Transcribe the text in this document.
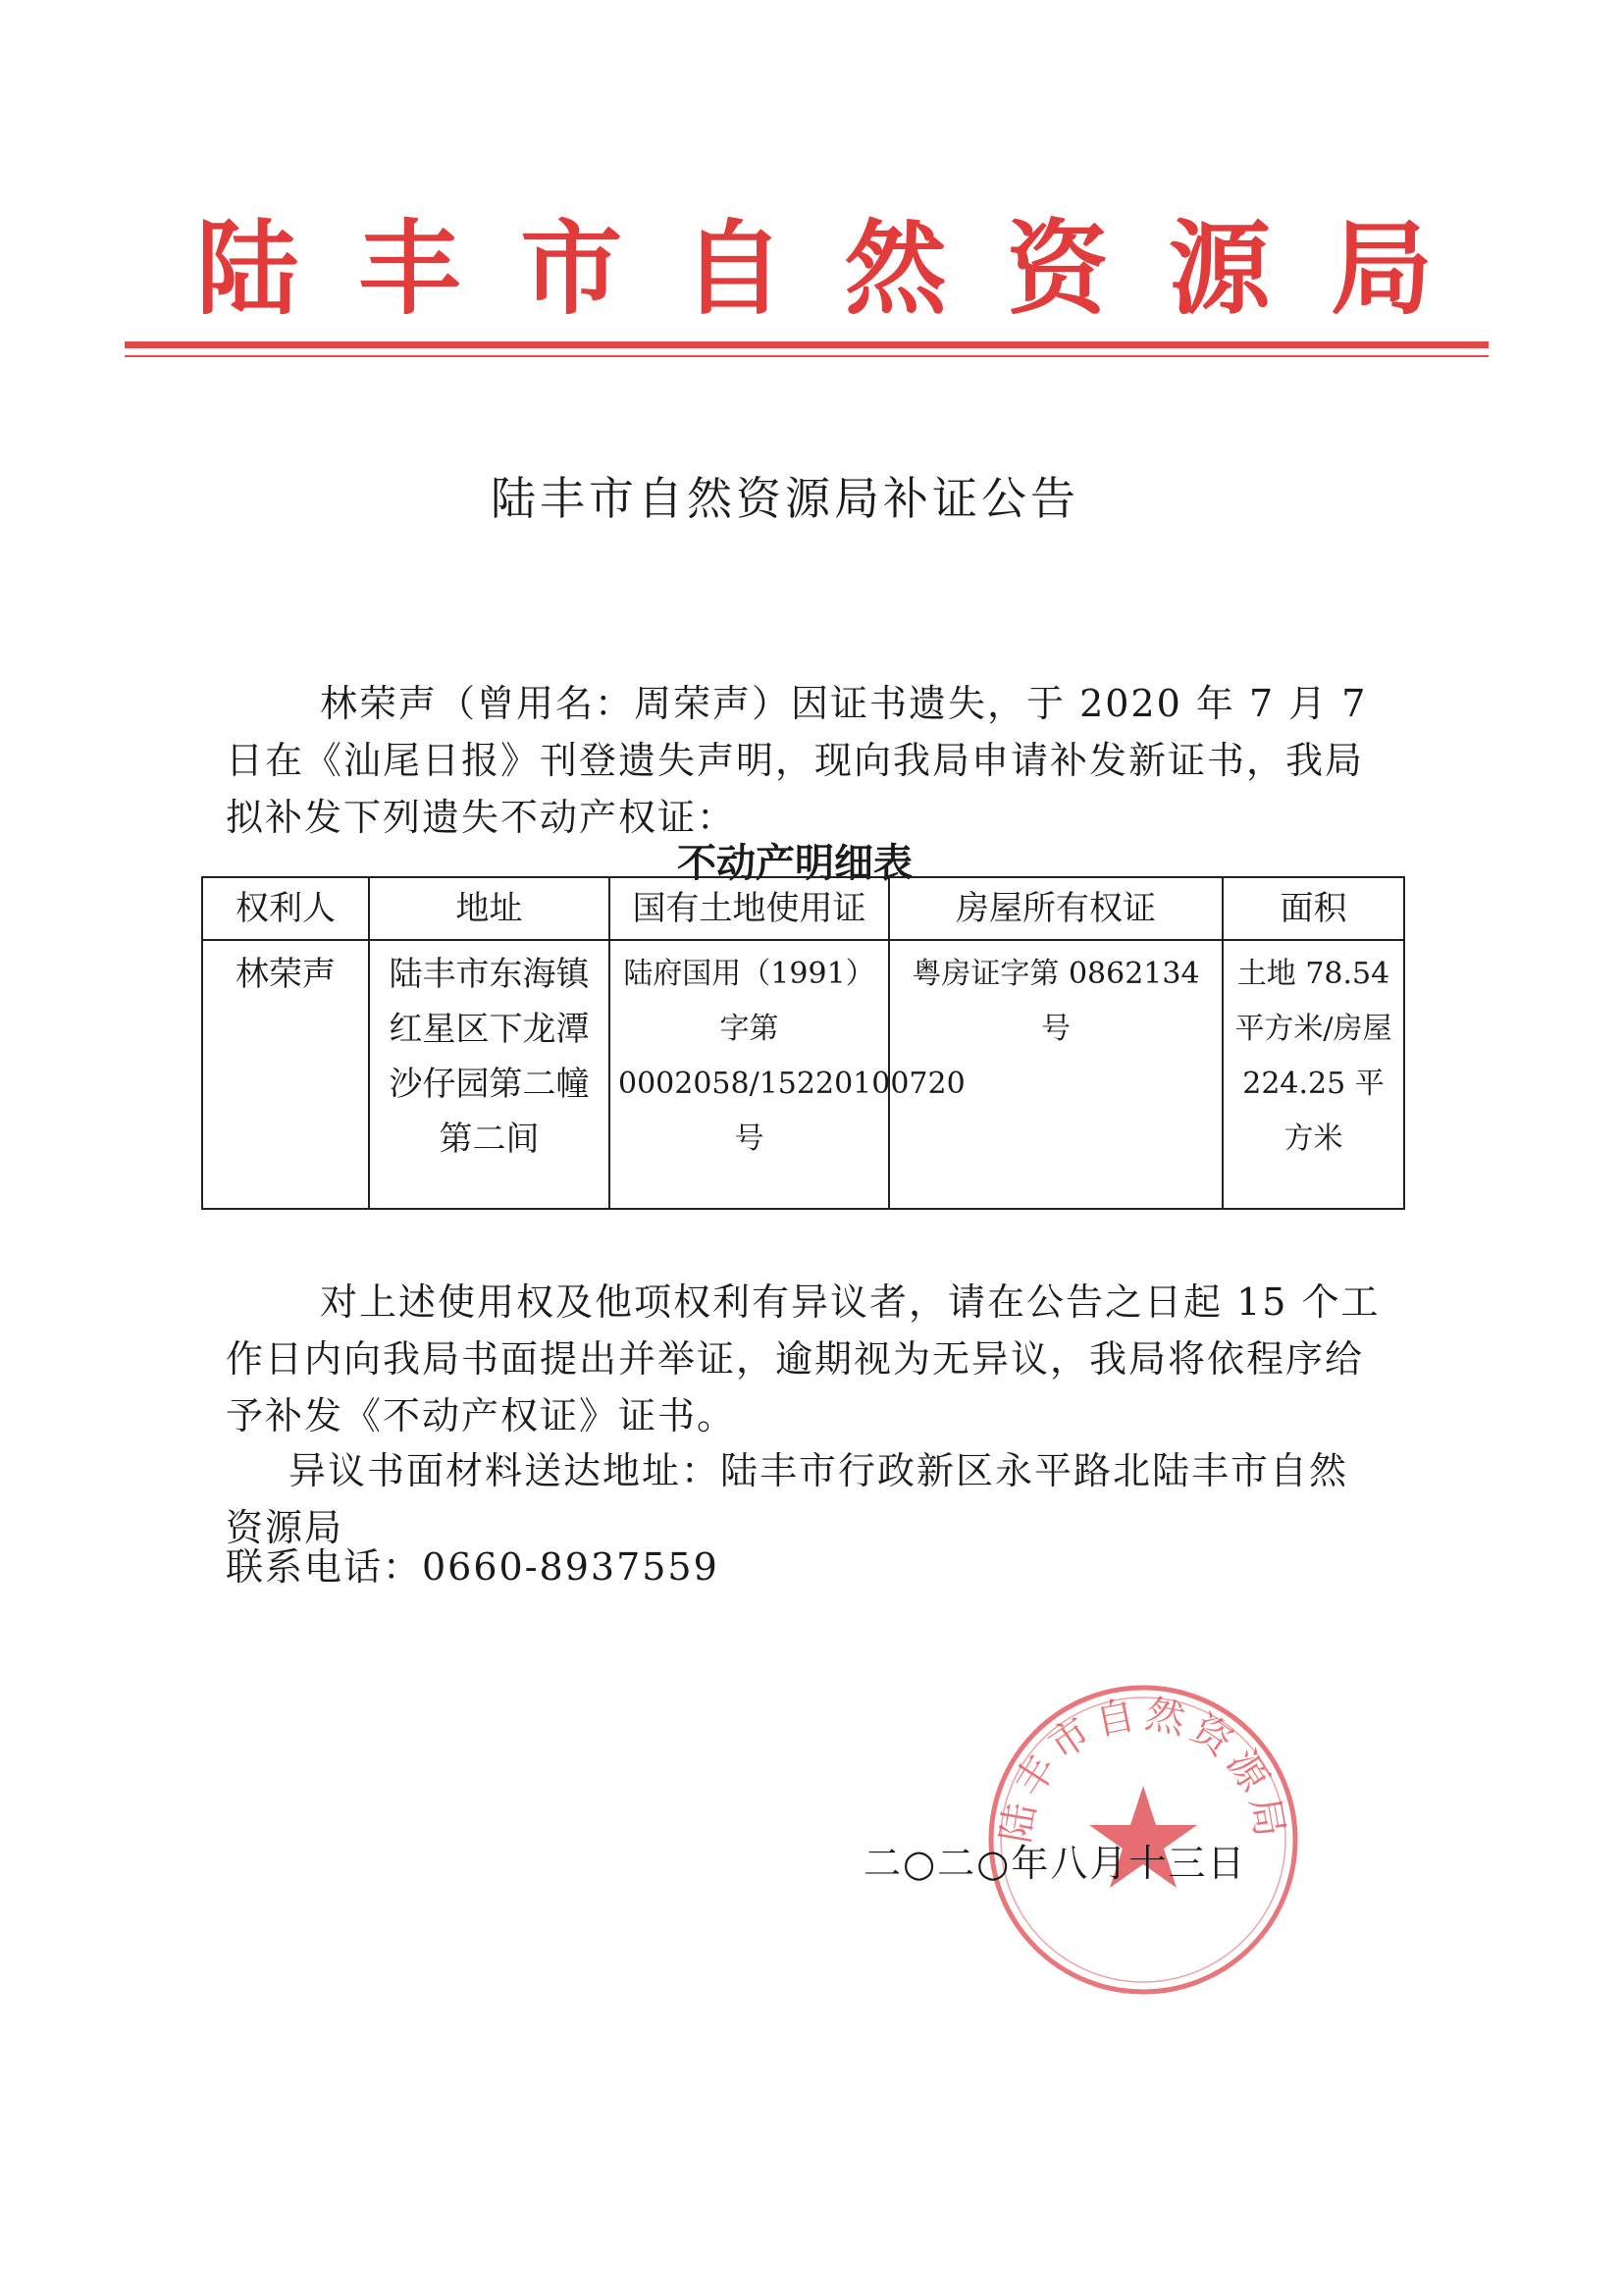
陆 丰 市 自 然 资 源 局
陆丰市自然资源局补证公告
林荣声（曾用名：周荣声）因证书遗失，于 2020 年 7 月 7 日在《汕尾日报》刊登遗失声明，现向我局申请补发新证书，我局拟补发下列遗失不动产权证：
不动产明细表
权利人	地址	国有土地使用证	房屋所有权证	面积
林荣声	陆丰市东海镇红星区下龙潭沙仔园第二幢第二间	陆府国用（1991）字第 0002058/15220100720 号	粤房证字第 0862134 号	土地 78.54 平方米/房屋 224.25 平方米
对上述使用权及他项权利有异议者，请在公告之日起 15 个工作日内向我局书面提出并举证，逾期视为无异议，我局将依程序给予补发《不动产权证》证书。
异议书面材料送达地址：陆丰市行政新区永平路北陆丰市自然资源局
联系电话：0660-8937559
陆丰市自然资源局
二○二○年八月十三日
